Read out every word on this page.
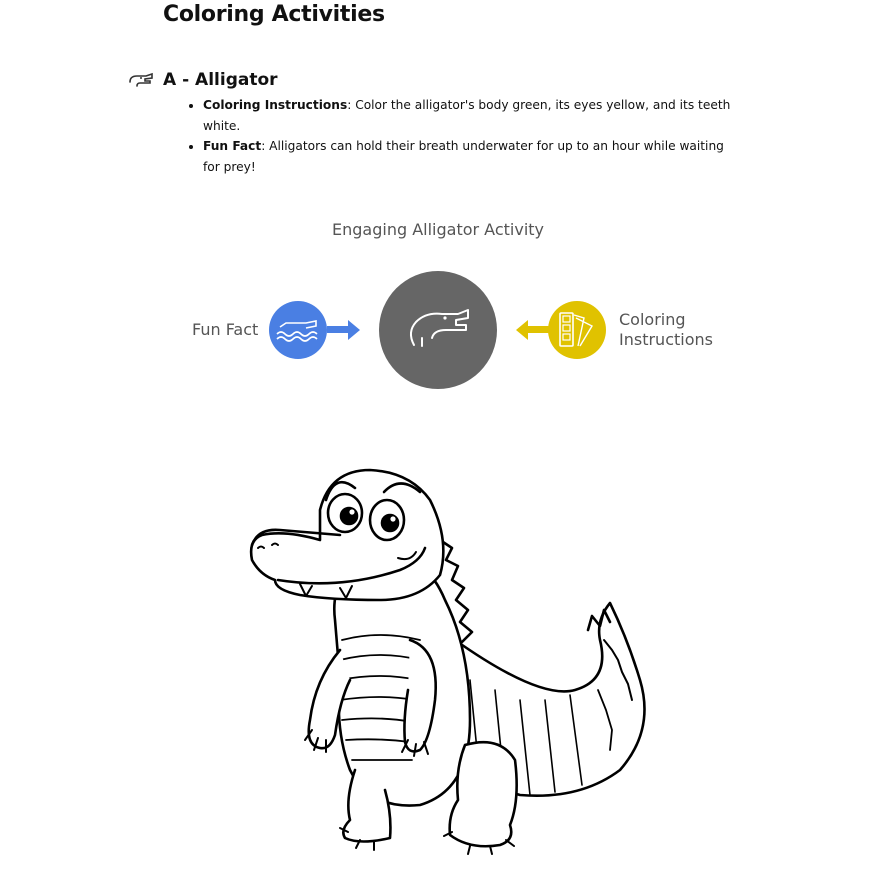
Coloring Activities
A - Alligator
• Coloring Instructions: Color the alligator's body green, its eyes yellow, and its teeth white.
• Fun Fact: Alligators can hold their breath underwater for up to an hour while waiting for prey!
Engaging Alligator Activity
Fun Fact
Coloring Instructions
